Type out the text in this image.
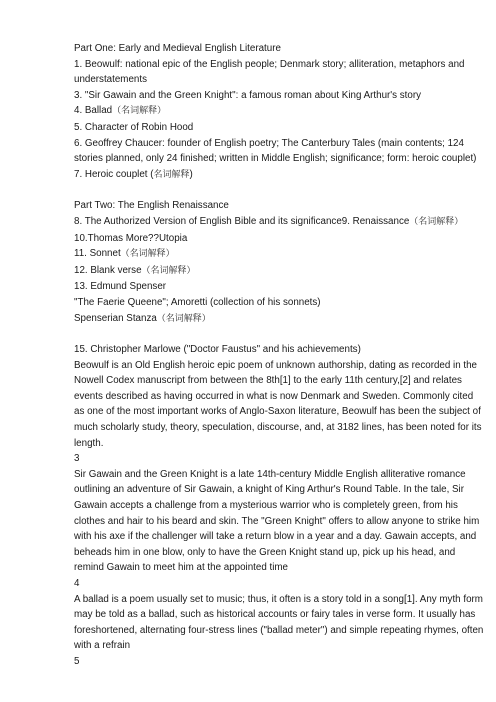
Part One: Early and Medieval English Literature
1. Beowulf: national epic of the English people; Denmark story; alliteration, metaphors and understatements
3. "Sir Gawain and the Green Knight": a famous roman about King Arthur's story
4. Ballad（名词解释）
5. Character of Robin Hood
6. Geoffrey Chaucer: founder of English poetry; The Canterbury Tales (main contents; 124 stories planned, only 24 finished; written in Middle English; significance; form: heroic couplet)
7. Heroic couplet (名词解释)
Part Two: The English Renaissance
8. The Authorized Version of English Bible and its significance9. Renaissance（名词解释）
10.Thomas More??Utopia
11. Sonnet（名词解释）
12. Blank verse（名词解释）
13. Edmund Spenser
"The Faerie Queene"; Amoretti (collection of his sonnets)
Spenserian Stanza（名词解释）
15. Christopher Marlowe ("Doctor Faustus" and his achievements)
Beowulf is an Old English heroic epic poem of unknown authorship, dating as recorded in the Nowell Codex manuscript from between the 8th[1] to the early 11th century,[2] and relates events described as having occurred in what is now Denmark and Sweden. Commonly cited as one of the most important works of Anglo-Saxon literature, Beowulf has been the subject of much scholarly study, theory, speculation, discourse, and, at 3182 lines, has been noted for its length.
3
Sir Gawain and the Green Knight is a late 14th-century Middle English alliterative romance outlining an adventure of Sir Gawain, a knight of King Arthur's Round Table. In the tale, Sir Gawain accepts a challenge from a mysterious warrior who is completely green, from his clothes and hair to his beard and skin. The "Green Knight" offers to allow anyone to strike him with his axe if the challenger will take a return blow in a year and a day. Gawain accepts, and beheads him in one blow, only to have the Green Knight stand up, pick up his head, and remind Gawain to meet him at the appointed time
4
A ballad is a poem usually set to music; thus, it often is a story told in a song[1]. Any myth form may be told as a ballad, such as historical accounts or fairy tales in verse form. It usually has foreshortened, alternating four-stress lines ("ballad meter") and simple repeating rhymes, often with a refrain
5
